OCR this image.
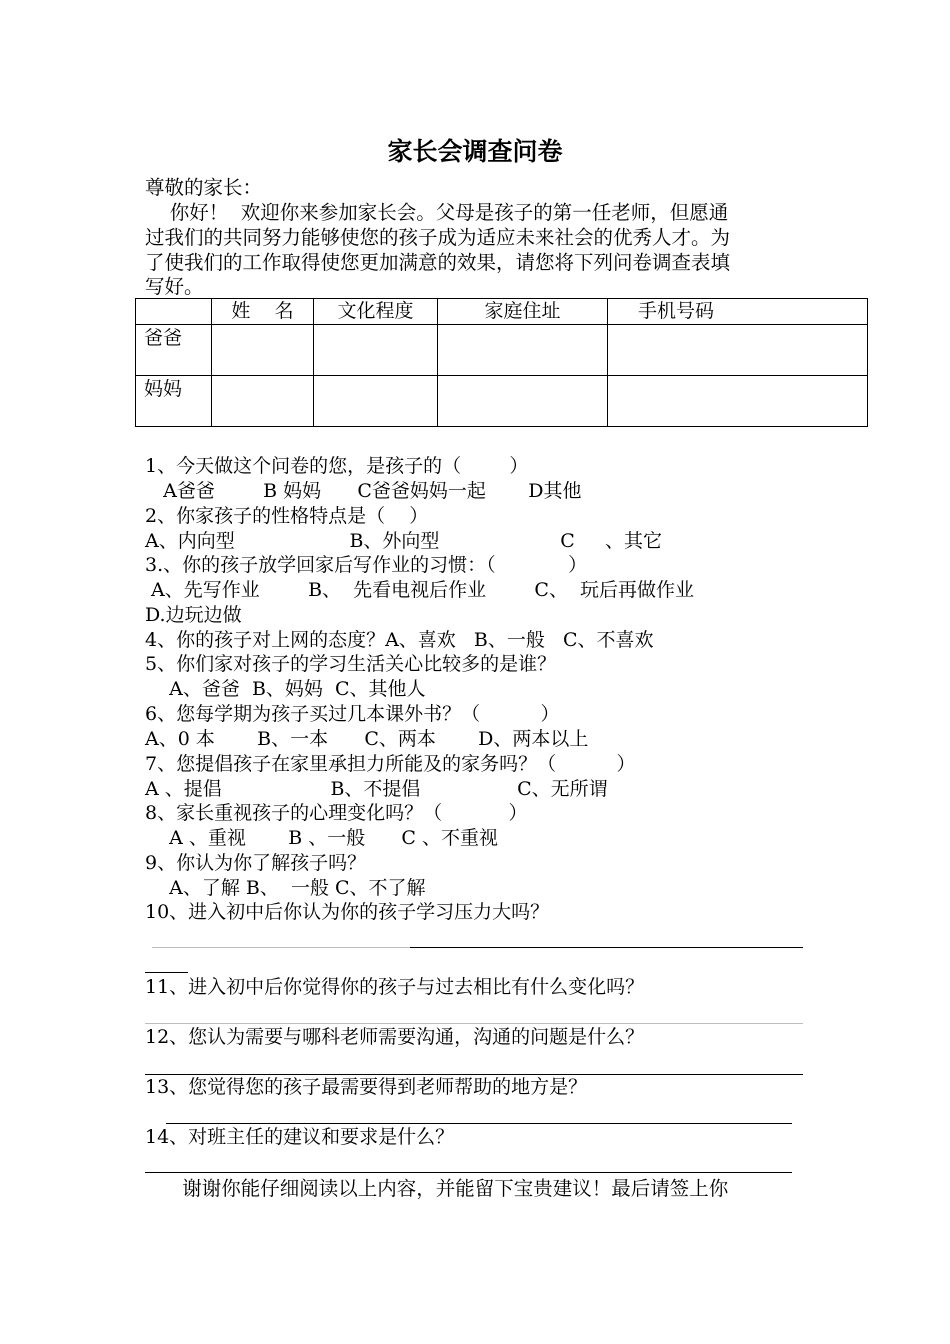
家长会调查问卷
尊敬的家长：
你好！  欢迎你来参加家长会。父母是孩子的第一任老师，但愿通
过我们的共同努力能够使您的孩子成为适应未来社会的优秀人才。为
了使我们的工作取得使您更加满意的效果，请您将下列问卷调查表填
写好。
	姓    名	文化程度	家庭住址	手机号码
爸爸				
妈妈				
1、今天做这个问卷的您，是孩子的（        ）
A爸爸        B 妈妈      C爸爸妈妈一起       D其他
2、你家孩子的性格特点是（    ）
A、内向型                   B、外向型                    C     、其它
3.、你的孩子放学回家后写作业的习惯：（            ）
A、先写作业        B、  先看电视后作业        C、  玩后再做作业
D.边玩边做
4、你的孩子对上网的态度？A、喜欢   B、一般   C、不喜欢
5、你们家对孩子的学习生活关心比较多的是谁？
A、爸爸  B、妈妈  C、其他人
6、您每学期为孩子买过几本课外书？（          ）
A、0 本       B、一本      C、两本       D、两本以上
7、您提倡孩子在家里承担力所能及的家务吗？（          ）
A 、提倡                  B、不提倡                C、无所谓
8、家长重视孩子的心理变化吗？（           ）
A 、重视       B 、一般      C 、不重视
9、你认为你了解孩子吗？
A、了解 B、  一般 C、不了解
10、进入初中后你认为你的孩子学习压力大吗？
11、进入初中后你觉得你的孩子与过去相比有什么变化吗？
12、您认为需要与哪科老师需要沟通，沟通的问题是什么？
13、您觉得您的孩子最需要得到老师帮助的地方是？
14、对班主任的建议和要求是什么？
谢谢你能仔细阅读以上内容，并能留下宝贵建议！最后请签上你
